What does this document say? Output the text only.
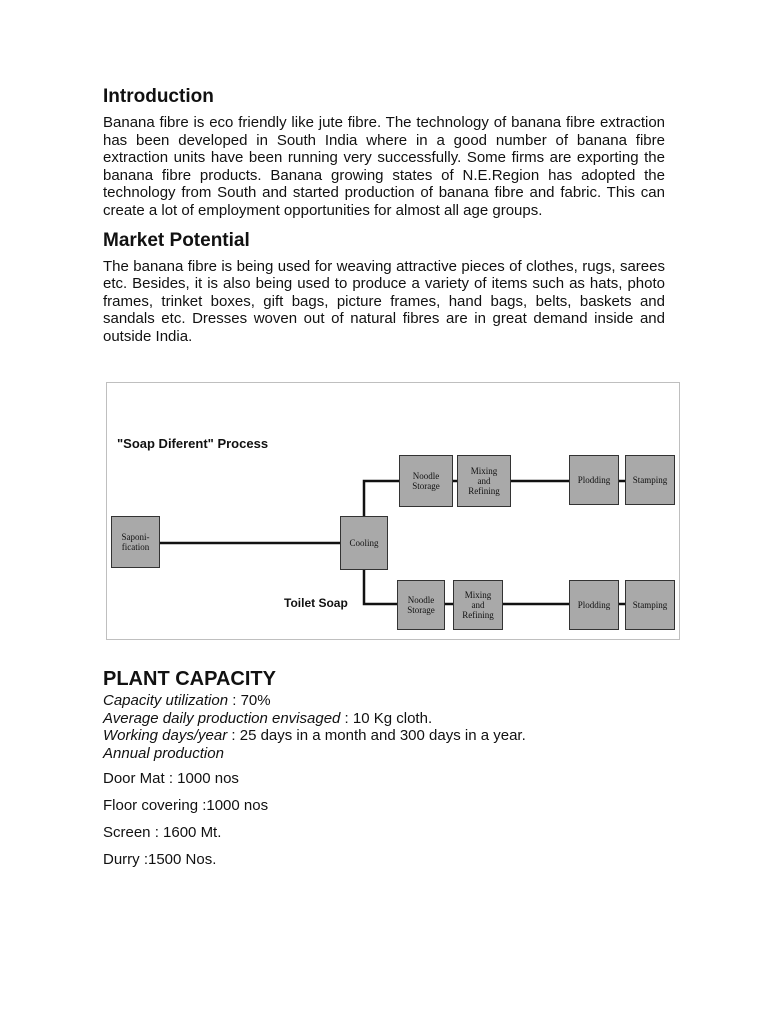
Introduction

Banana fibre is eco friendly like jute fibre. The technology of banana fibre extraction has been developed in South India where in a good number of banana fibre extraction units have been running very successfully. Some firms are exporting the banana fibre products. Banana growing states of N.E.Region has adopted the technology from South and started production of banana fibre and fabric. This can create a lot of employment opportunities for almost all age groups.

Market Potential

The banana fibre is being used for weaving attractive pieces of clothes, rugs, sarees etc. Besides, it is also being used to produce a variety of items such as hats, photo frames, trinket boxes, gift bags, picture frames, hand bags, belts, baskets and sandals etc. Dresses woven out of natural fibres are in great demand inside and outside India.

"Soap Diferent" Process
Toilet Soap
Saponi-
fication	Cooling
Noodle
Storage
Mixing
and
Refining
Plodding Stamping
Noodle
Storage
Mixing
and
Refining
Plodding Stamping
PLANT CAPACITY

Capacity utilization : 70%

Average daily production envisaged : 10 Kg cloth.

Working days/year : 25 days in a month and 300 days in a year.

Annual production

Door Mat : 1000 nos

Floor covering :1000 nos

Screen : 1600 Mt.

Durry :1500 Nos.
